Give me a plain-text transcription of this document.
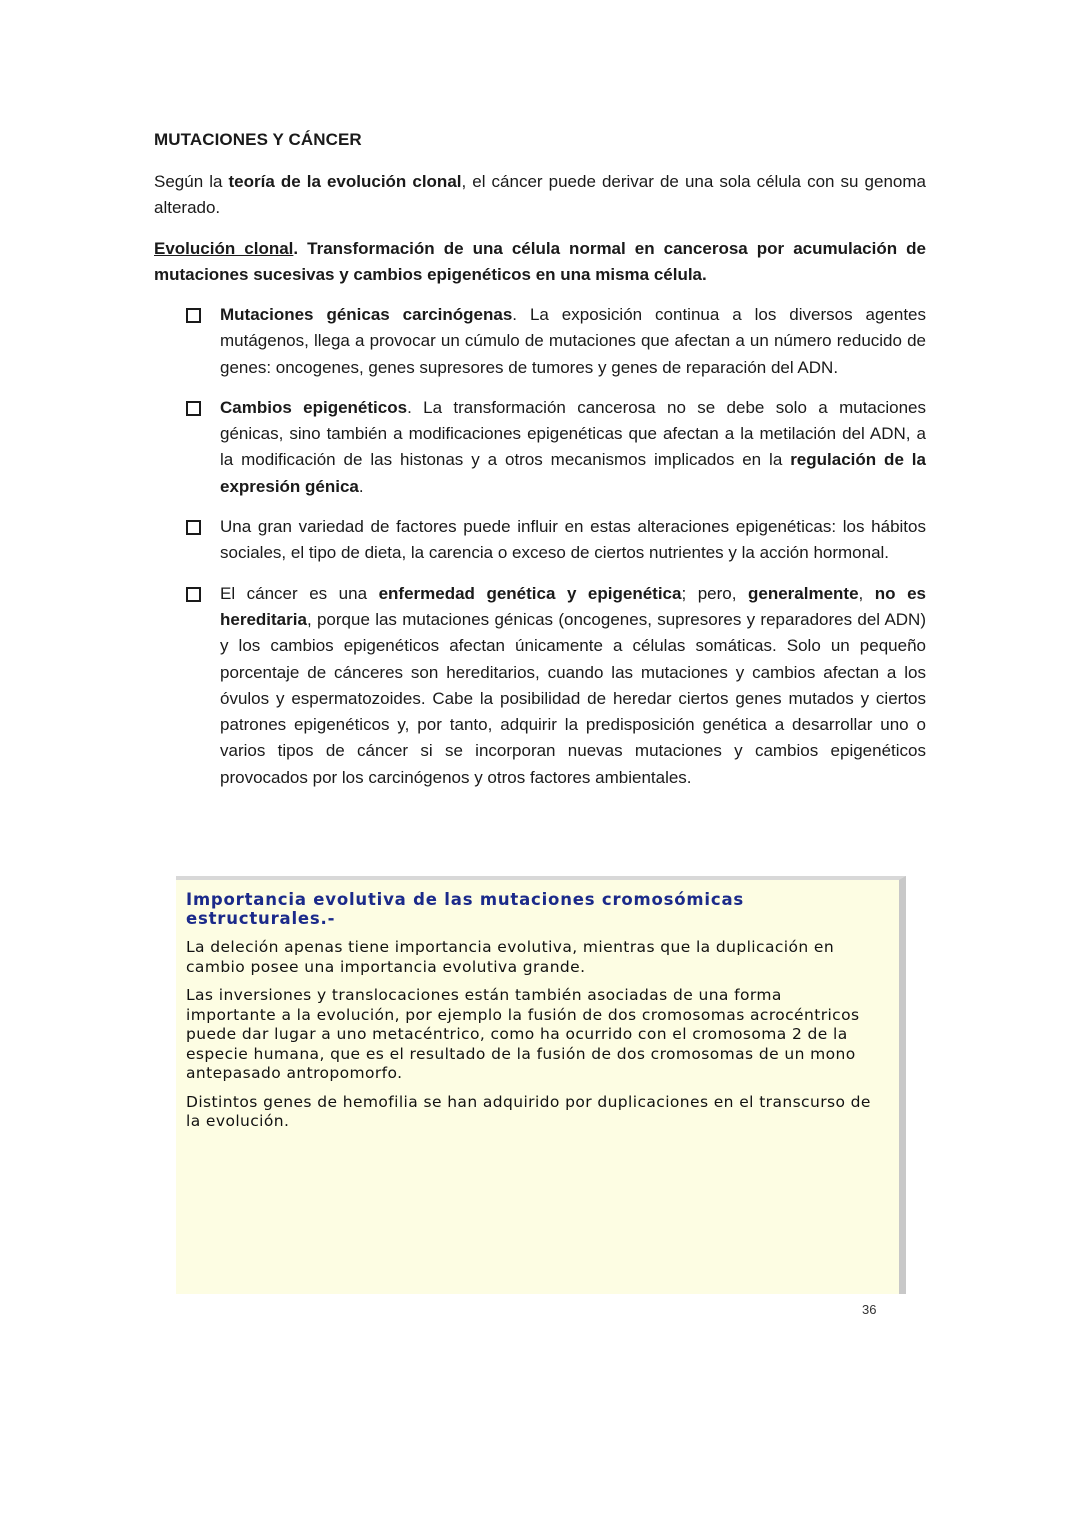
MUTACIONES Y CÁNCER

Según la teoría de la evolución clonal, el cáncer puede derivar de una sola célula con su genoma alterado.

Evolución clonal. Transformación de una célula normal en cancerosa por acumulación de mutaciones sucesivas y cambios epigenéticos en una misma célula.

Mutaciones génicas carcinógenas. La exposición continua a los diversos agentes mutágenos, llega a provocar un cúmulo de mutaciones que afectan a un número reducido de genes: oncogenes, genes supresores de tumores y genes de reparación del ADN.
Cambios epigenéticos. La transformación cancerosa no se debe solo a mutaciones génicas, sino también a modificaciones epigenéticas que afectan a la metilación del ADN, a la modificación de las histonas y a otros mecanismos implicados en la regulación de la expresión génica.
Una gran variedad de factores puede influir en estas alteraciones epigenéticas: los hábitos sociales, el tipo de dieta, la carencia o exceso de ciertos nutrientes y la acción hormonal.
El cáncer es una enfermedad genética y epigenética; pero, generalmente, no es hereditaria, porque las mutaciones génicas (oncogenes, supresores y reparadores del ADN) y los cambios epigenéticos afectan únicamente a células somáticas. Solo un pequeño porcentaje de cánceres son hereditarios, cuando las mutaciones y cambios afectan a los óvulos y espermatozoides. Cabe la posibilidad de heredar ciertos genes mutados y ciertos patrones epigenéticos y, por tanto, adquirir la predisposición genética a desarrollar uno o varios tipos de cáncer si se incorporan nuevas mutaciones y cambios epigenéticos provocados por los carcinógenos y otros factores ambientales.
Importancia evolutiva de las mutaciones cromosómicas estructurales.-

La deleción apenas tiene importancia evolutiva, mientras que la duplicación en cambio posee una importancia evolutiva grande.

Las inversiones y translocaciones están también asociadas de una forma importante a la evolución, por ejemplo la fusión de dos cromosomas acrocéntricos puede dar lugar a uno metacéntrico, como ha ocurrido con el cromosoma 2 de la especie humana, que es el resultado de la fusión de dos cromosomas de un mono antepasado antropomorfo.

Distintos genes de hemofilia se han adquirido por duplicaciones en el transcurso de la evolución.

36
